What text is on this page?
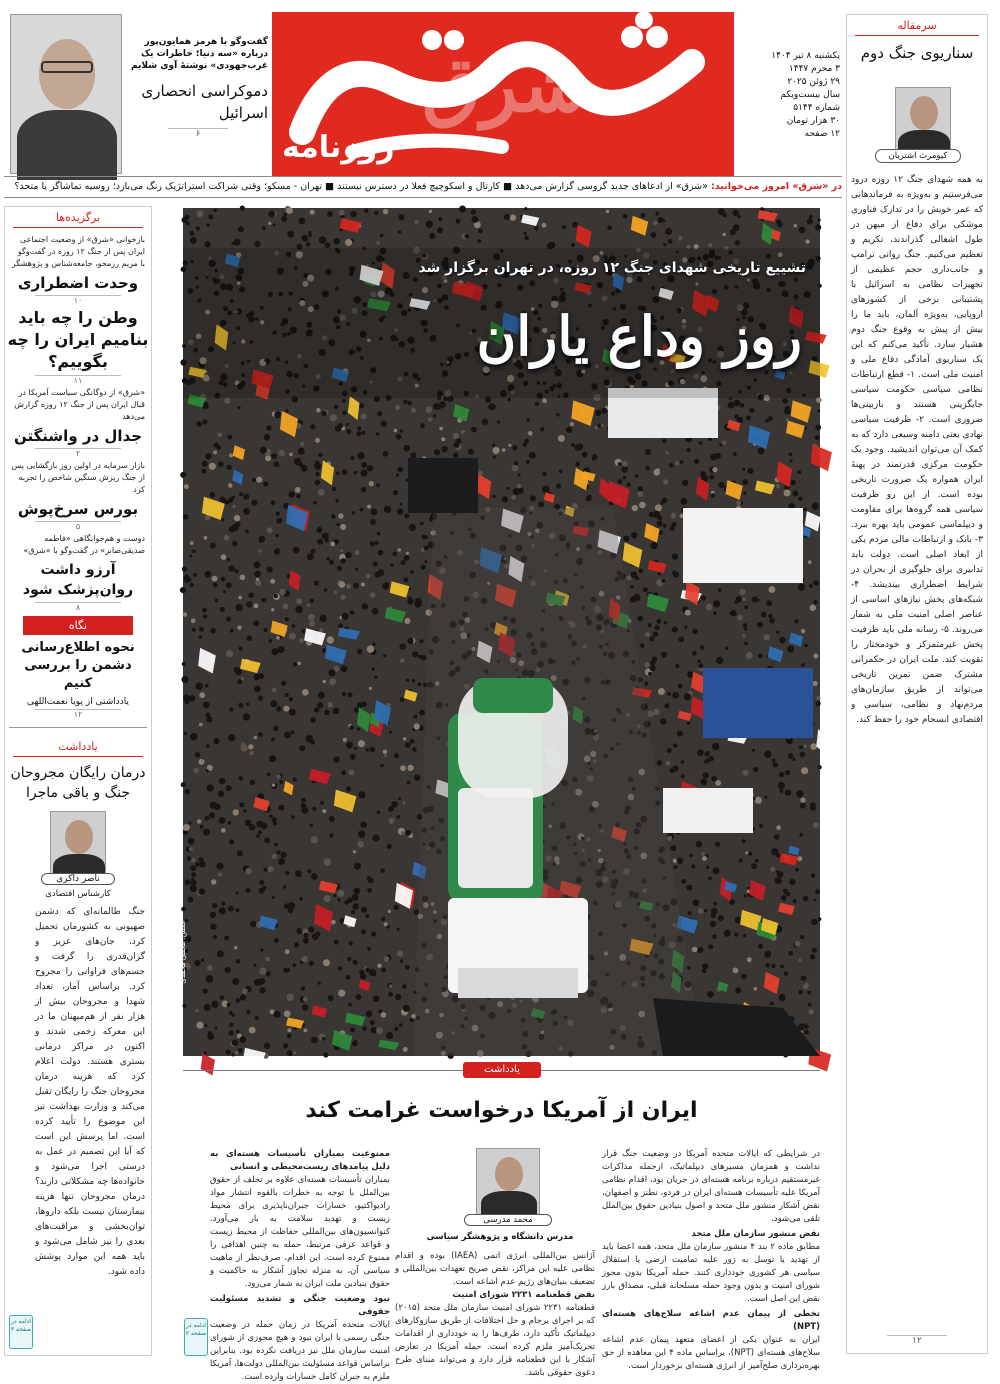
شرق
روزنامه
یکشنبه ۸ تیر ۱۴۰۴
۳ محرم ۱۴۴۷
۲۹ ژوئن ۲۰۲۵
سال بیست‌ویکم
شماره ۵۱۴۴
۳۰ هزار تومان
۱۲ صفحه
گفت‌وگو با هرمز همایون‌پور درباره «سه دنیا؛ خاطرات یک غرب‌جهودی» نوشتهٔ آوی شلایم
دموکراسی انحصاری اسرائیل
۶
در «شرق» امروز می‌خوانید: «شرق» از ادعاهای جدید گروسی گزارش می‌دهد ■ کارتال و اسکوچیچ فعلا در دسترس نیستند ■ تهران - مسکو؛ وقتی شراکت استراتژیک رنگ می‌بازد؛ روسیه تماشاگر یا متحد؟
سرمقاله
سناریوی جنگ دوم
کیومرث اشتریان
به همه شهدای جنگ ۱۲ روزه درود می‌فرستیم و به‌ویژه به فرماندهانی که عمر خویش را در تدارک فناوری موشکی برای دفاع از میهن در طول اشغالی گذراندند، تکریم و تعظیم می‌کنیم. جنگ روانی ترامپ و جانب‌داری حجم عظیمی از تجهیزات نظامی به اسرائیل با پشتیبانی برخی از کشورهای اروپایی، به‌ویژه آلمان، باید ما را بیش از پیش به وقوع جنگ دوم هشیار سازد. تأکید می‌کنم که این یک سناریوی آمادگی دفاع ملی و امنیت ملی است. ۱- قطع ارتباطات نظامی سیاسی حکومت سیاسی جایگزینی هستند و بازبینی‌ها ضروری است. ۲- ظرفیت سیاسی نهادی یعنی دامنه وسیعی دارد که به کمک آن می‌توان اندیشید. وجود یک حکومت مرکزی قدرتمند در پهنهٔ ایران همواره یک ضرورت تاریخی بوده است. از این رو ظرفیت سیاسی همه گروه‌ها برای مقاومت و دیپلماسی عمومی باید بهره ببرد. ۳- بانک و ارتباطات مالی مردم یکی از ابعاد اصلی است. دولت باید تدابیری برای جلوگیری از بحران در شرایط اضطراری بیندیشد. ۴- شبکه‌های پخش نیازهای اساسی از عناصر اصلی امنیت ملی به شمار می‌روند. ۵- رسانه ملی باید ظرفیت پخش غیرمتمرکز و خودمختار را تقویت کند. ملت ایران در حکمرانی مشترک ضمن تمرین تاریخی می‌تواند از طریق سازمان‌های مردم‌نهاد و نظامی، سیاسی و اقتصادی انسجام خود را حفظ کند.
۱۲
برگزیده‌ها
بازخوانی «شرق» از وضعیت اجتماعی ایران پس از جنگ ۱۲ روزه در گفت‌وگو با مریم رزمجو، جامعه‌شناس و پژوهشگر
وحدت اضطراری
۱۰
وطن را چه باید بنامیم ایران را چه بگوییم؟
۱۱
«شرق» از دوگانگی سیاست آمریکا در قبال ایران پس از جنگ ۱۲ روزه گزارش می‌دهد
جدال در واشنگتن
۲
بازار سرمایه در اولین روز بازگشایی پس از جنگ ریزش سنگین شاخص را تجربه کرد
بورس سرخ‌پوش
۵
دوست و هم‌خوابگاهی «فاطمه صدیقی‌صابر» در گفت‌وگو با «شرق»
آرزو داشت روان‌پزشک شود
۸
نگاه
نحوه اطلاع‌رسانی دشمن را بررسی کنیم
یادداشتی از پویا نعمت‌اللهی
۱۲
یادداشت
درمان رایگان مجروحان جنگ و باقی ماجرا
ناصر ذاکری
کارشناس اقتصادی
جنگ طالمانه‌ای که دشمن صهیونی به کشورمان تحمیل کرد، جان‌های عزیز و گران‌قدری را گرفت و جسم‌های فراوانی را مجروح کرد. براساس آمار، تعداد شهدا و مجروحان بیش از هزار نفر از هم‌میهنان ما در این معرکه زخمی شدند و اکنون در مراکز درمانی بستری هستند. دولت اعلام کرد که هزینه درمان مجروحان جنگ را رایگان تقبل می‌کند و وزارت بهداشت نیز این موضوع را تأیید کرده است. اما پرسش این است که آیا این تصمیم در عمل به درستی اجرا می‌شود و خانواده‌ها چه مشکلاتی دارند؟ درمان مجروحان تنها هزینه بیمارستان نیست بلکه داروها، توان‌بخشی و مراقبت‌های بعدی را نیز شامل می‌شود و باید همه این موارد پوشش داده شود.
ادامه در صفحه ۳
تشییع تاریخی شهدای جنگ ۱۲ روزه، در تهران برگزار شد
روز وداع یاران
عکس: مجتبی محمدی
یادداشت
ایران از آمریکا درخواست غرامت کند
در شرایطی که ایالات متحده آمریکا در وضعیت جنگ قرار نداشت و همزمان مسیرهای دیپلماتیک، ازجمله مذاکرات غیرمستقیم درباره برنامه هسته‌ای در جریان بود، اقدام نظامی آمریکا علیه تأسیسات هسته‌ای ایران در فردو، نطنز و اصفهان، نقض آشکار منشور ملل متحد و اصول بنیادین حقوق بین‌الملل تلقی می‌شود.
نقض منشور سازمان ملل متحد
مطابق ماده ۲ بند ۴ منشور سازمان ملل متحد، همه اعضا باید از تهدید یا توسل به زور علیه تمامیت ارضی یا استقلال سیاسی هر کشوری خودداری کنند. حمله آمریکا بدون مجوز شورای امنیت و بدون وجود حمله مسلحانه قبلی، مصداق بارز نقض این اصل است.
تخطی از پیمان عدم اشاعه سلاح‌های هسته‌ای (NPT)
ایران به عنوان یکی از اعضای متعهد پیمان عدم اشاعه سلاح‌های هسته‌ای (NPT)، براساس ماده ۴ این معاهده از حق بهره‌برداری صلح‌آمیز از انرژی هسته‌ای برخوردار است.
محمد مدرسی
مدرس دانشگاه و پژوهشگر سیاسی
آژانس بین‌المللی انرژی اتمی (IAEA) بوده و اقدام نظامی علیه این مراکز، نقض صریح تعهدات بین‌المللی و تضعیف بنیان‌های رژیم عدم اشاعه است.
نقض قطعنامه ۲۲۳۱ شورای امنیت
قطعنامه ۲۲۳۱ شورای امنیت سازمان ملل متحد (۲۰۱۵) که بر اجرای برجام و حل اختلافات از طریق سازوکارهای دیپلماتیک تأکید دارد، طرف‌ها را به خودداری از اقدامات تحریک‌آمیز ملزم کرده است. حمله آمریکا در تعارض آشکار با این قطعنامه قرار دارد و می‌تواند مبنای طرح دعوی حقوقی باشد.
ممنوعیت بمباران تأسیسات هسته‌ای به دلیل پیامدهای زیست‌محیطی و انسانی
بمباران تأسیسات هسته‌ای علاوه بر تخلف از حقوق بین‌الملل با توجه به خطرات بالقوه انتشار مواد رادیواکتیو، خسارات جبران‌ناپذیری برای محیط زیست و تهدید سلامت به بار می‌آورد. کنوانسیون‌های بین‌المللی حفاظت از محیط زیست و قواعد عرفی مرتبط، حمله به چنین اهدافی را ممنوع کرده است. این اقدام، صرف‌نظر از ماهیت سیاسی آن، به منزله تجاوز آشکار به حاکمیت و حقوق بنیادین ملت ایران به شمار می‌رود.
نبود وضعیت جنگی و تشدید مسئولیت حقوقی
ایالات متحده آمریکا در زمان حمله در وضعیت جنگی رسمی با ایران نبود و هیچ مجوزی از شورای امنیت سازمان ملل نیز دریافت نکرده بود. بنابراین براساس قواعد مسئولیت بین‌المللی دولت‌ها، آمریکا ملزم به جبران کامل خسارات وارده است.
ادامه در صفحه ۲
